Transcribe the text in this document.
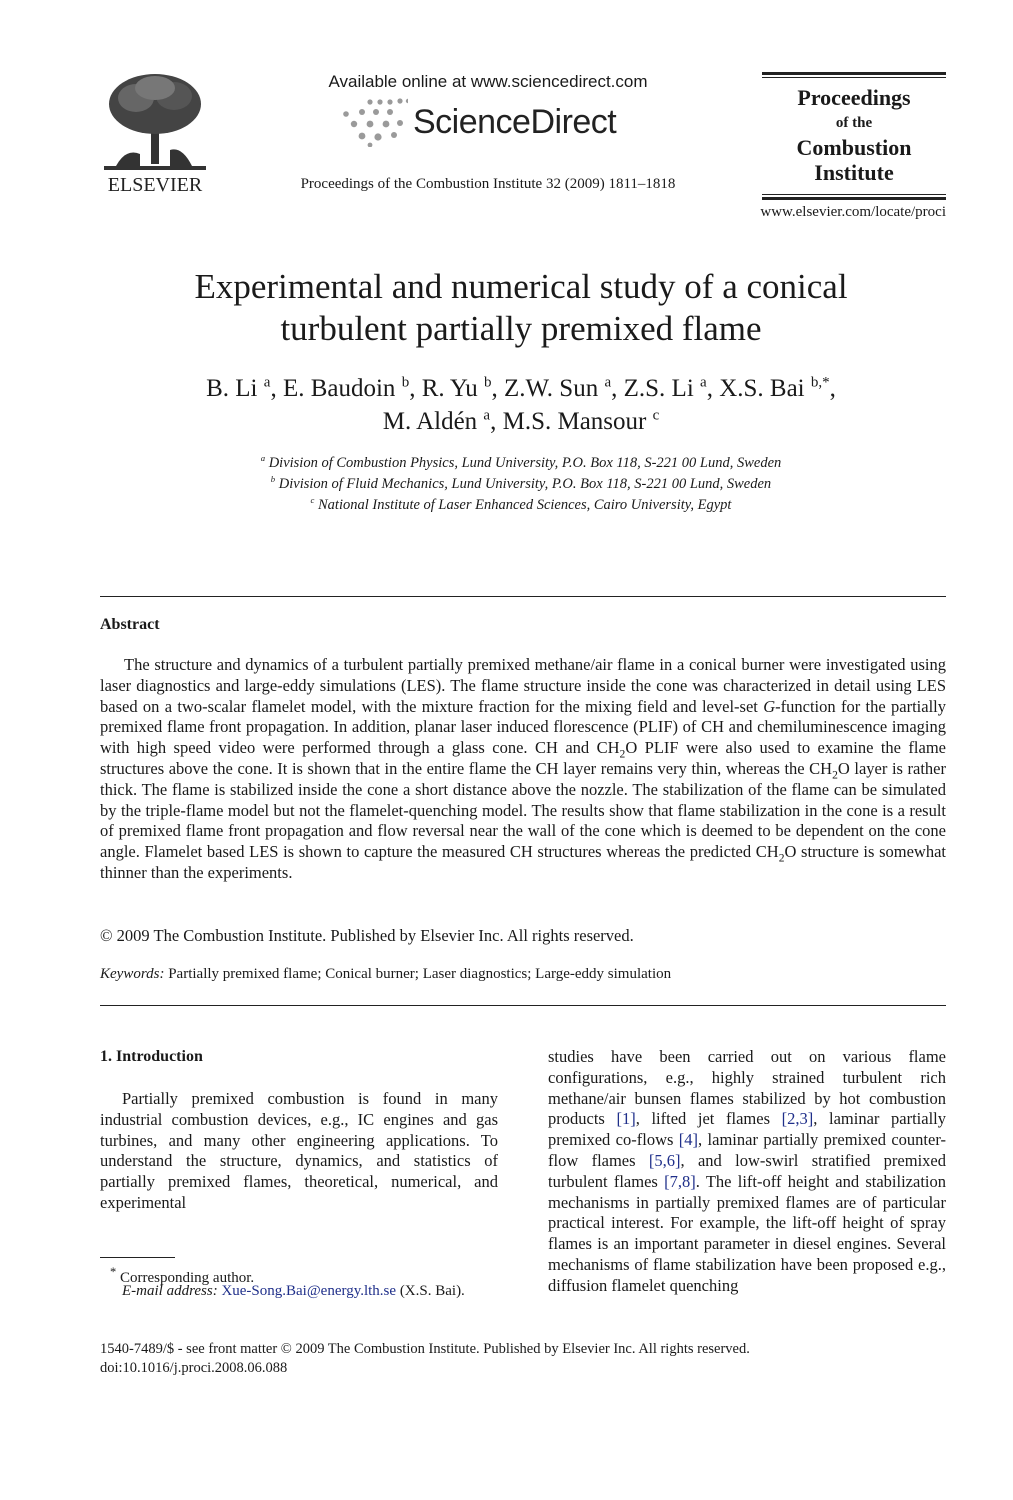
ELSEVIER
Available online at www.sciencedirect.com
ScienceDirect
Proceedings of the Combustion Institute 32 (2009) 1811–1818
Proceedings
of the
Combustion
Institute
www.elsevier.com/locate/proci
Experimental and numerical study of a conical
turbulent partially premixed flame
B. Li $^a$, E. Baudoin $^b$, R. Yu $^b$, Z.W. Sun $^a$, Z.S. Li $^a$, X.S. Bai $^{b,*}$,
M. Aldén $^a$, M.S. Mansour $^c$
$^a$ Division of Combustion Physics, Lund University, P.O. Box 118, S-221 00 Lund, Sweden
$^b$ Division of Fluid Mechanics, Lund University, P.O. Box 118, S-221 00 Lund, Sweden
$^c$ National Institute of Laser Enhanced Sciences, Cairo University, Egypt
Abstract
The structure and dynamics of a turbulent partially premixed methane/air flame in a conical burner were investigated using laser diagnostics and large-eddy simulations (LES). The flame structure inside the cone was characterized in detail using LES based on a two-scalar flamelet model, with the mixture fraction for the mixing field and level-set G-function for the partially premixed flame front propagation. In addition, planar laser induced florescence (PLIF) of CH and chemiluminescence imaging with high speed video were performed through a glass cone. CH and $CH_2O$ PLIF were also used to examine the flame structures above the cone. It is shown that in the entire flame the CH layer remains very thin, whereas the $CH_2O$ layer is rather thick. The flame is stabilized inside the cone a short distance above the nozzle. The stabilization of the flame can be simulated by the triple-flame model but not the flamelet-quenching model. The results show that flame stabilization in the cone is a result of premixed flame front propagation and flow reversal near the wall of the cone which is deemed to be dependent on the cone angle. Flamelet based LES is shown to capture the measured CH structures whereas the predicted $CH_2O$ structure is somewhat thinner than the experiments.
© 2009 The Combustion Institute. Published by Elsevier Inc. All rights reserved.
Keywords: Partially premixed flame; Conical burner; Laser diagnostics; Large-eddy simulation
1. Introduction
Partially premixed combustion is found in many industrial combustion devices, e.g., IC engines and gas turbines, and many other engineering applications. To understand the structure, dynamics, and statistics of partially premixed flames, theoretical, numerical, and experimental
studies have been carried out on various flame configurations, e.g., highly strained turbulent rich methane/air bunsen flames stabilized by hot combustion products [1], lifted jet flames [2,3], laminar partially premixed co-flows [4], laminar partially premixed counter-flow flames [5,6], and low-swirl stratified premixed turbulent flames [7,8]. The lift-off height and stabilization mechanisms in partially premixed flames are of particular practical interest. For example, the lift-off height of spray flames is an important parameter in diesel engines. Several mechanisms of flame stabilization have been proposed e.g., diffusion flamelet quenching
* Corresponding author.
E-mail address: Xue-Song.Bai@energy.lth.se (X.S. Bai).
1540-7489/$ - see front matter © 2009 The Combustion Institute. Published by Elsevier Inc. All rights reserved.
doi:10.1016/j.proci.2008.06.088
